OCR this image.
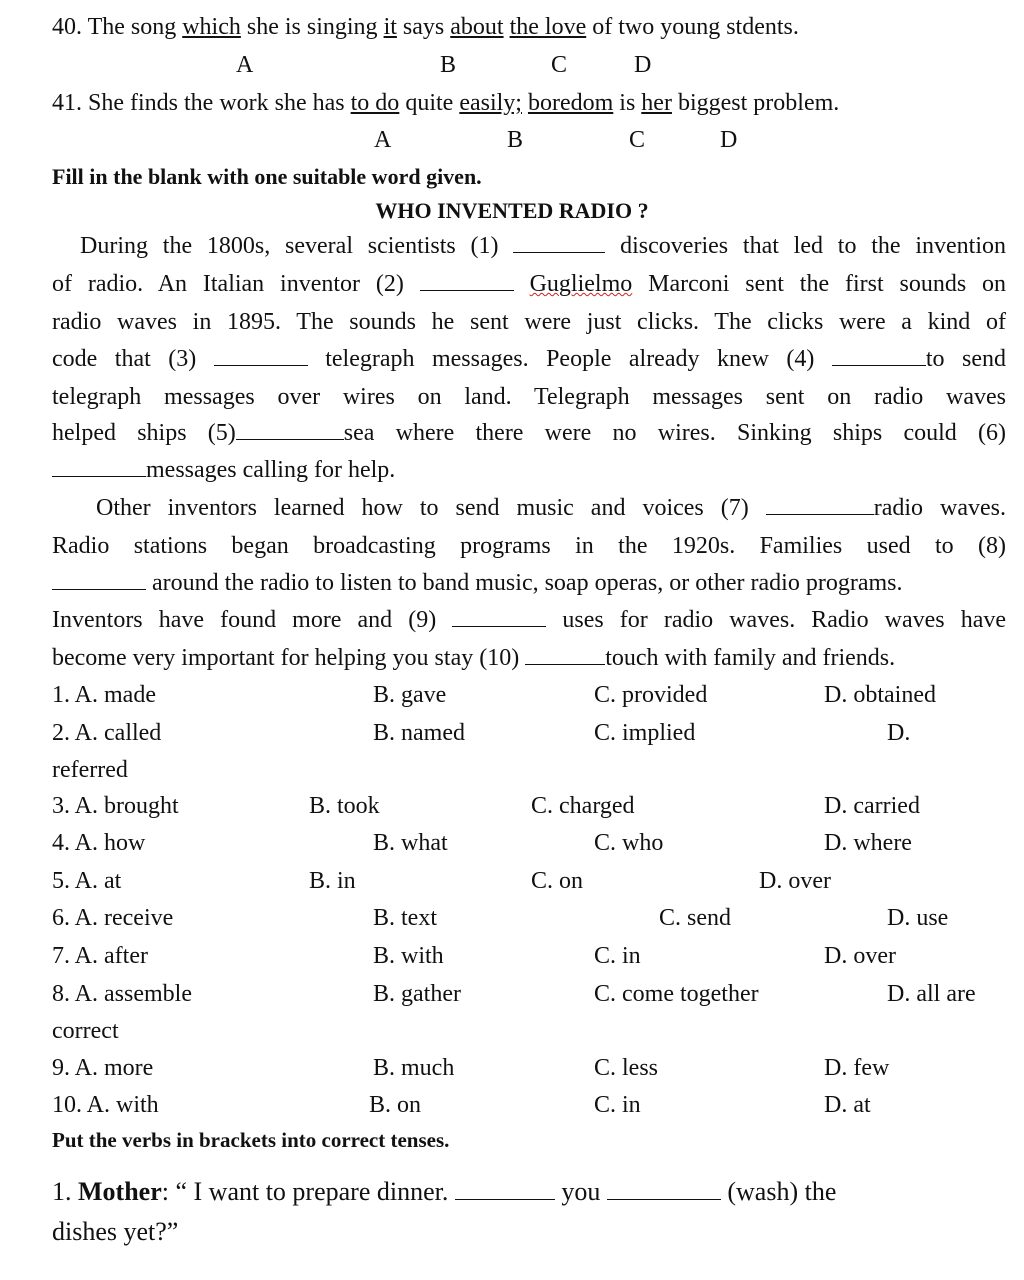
40. The song which she is singing it says about the love of two young stdents.
A	B	C	D
41. She finds the work she has to do quite easily; boredom is her biggest problem.
A	B	C	D
Fill in the blank with one suitable word given.
WHO INVENTED RADIO ?
During the 1800s, several scientists (1)	discoveries that led to the invention
of radio. An Italian inventor (2)	Guglielmo Marconi sent the first sounds on
radio waves in 1895. The sounds he sent were just clicks. The clicks were a kind of
code that (3)	telegraph messages. People already knew (4)	to send
telegraph messages over wires on land. Telegraph messages sent on radio waves
helped ships (5)	sea where there were no wires. Sinking ships could (6)
messages calling for help.
Other inventors learned how to send music and voices (7)	radio waves.
Radio stations began broadcasting programs in the 1920s. Families used to (8)
around the radio to listen to band music, soap operas, or other radio programs.
Inventors have found more and (9)	uses for radio waves. Radio waves have
become very important for helping you stay (10)	touch with family and friends.
1. A. made	B. gave	C. provided	D. obtained
2. A. called	B. named	C. implied	D.
referred
3. A. brought	B. took	C. charged	D. carried
4. A. how	B. what	C. who	D. where
5. A. at	B. in	C. on	D. over
6. A. receive	B. text	C. send	D. use
7. A. after	B. with	C. in	D. over
8. A. assemble	B. gather	C. come together	D. all are
correct
9. A. more	B. much	C. less	D. few
10. A. with	B. on	C. in	D. at
Put the verbs in brackets into correct tenses.
1. Mother: “ I want to prepare dinner.	you	(wash) the
dishes yet?”
